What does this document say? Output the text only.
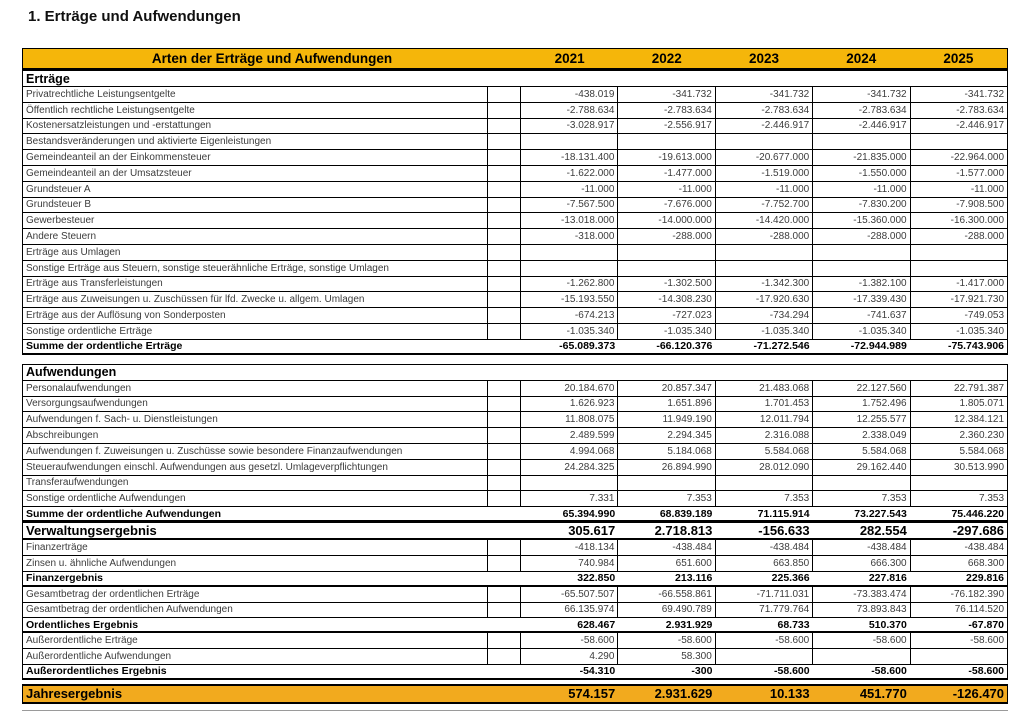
1. Erträge und Aufwendungen
Arten der Erträge und Aufwendungen	2021	2022	2023	2024	2025
Erträge
Privatrechtliche Leistungsentgelte	-438.019	-341.732	-341.732	-341.732	-341.732
Öffentlich rechtliche Leistungsentgelte	-2.788.634	-2.783.634	-2.783.634	-2.783.634	-2.783.634
Kostenersatzleistungen und -erstattungen	-3.028.917	-2.556.917	-2.446.917	-2.446.917	-2.446.917
Bestandsveränderungen und aktivierte Eigenleistungen
Gemeindeanteil an der Einkommensteuer	-18.131.400	-19.613.000	-20.677.000	-21.835.000	-22.964.000
Gemeindeanteil an der Umsatzsteuer	-1.622.000	-1.477.000	-1.519.000	-1.550.000	-1.577.000
Grundsteuer A	-11.000	-11.000	-11.000	-11.000	-11.000
Grundsteuer B	-7.567.500	-7.676.000	-7.752.700	-7.830.200	-7.908.500
Gewerbesteuer	-13.018.000	-14.000.000	-14.420.000	-15.360.000	-16.300.000
Andere Steuern	-318.000	-288.000	-288.000	-288.000	-288.000
Erträge aus Umlagen
Sonstige Erträge aus Steuern, sonstige steuerähnliche Erträge, sonstige Umlagen
Erträge aus Transferleistungen	-1.262.800	-1.302.500	-1.342.300	-1.382.100	-1.417.000
Erträge aus Zuweisungen u. Zuschüssen für lfd. Zwecke u. allgem. Umlagen	-15.193.550	-14.308.230	-17.920.630	-17.339.430	-17.921.730
Erträge aus der Auflösung von Sonderposten	-674.213	-727.023	-734.294	-741.637	-749.053
Sonstige ordentliche Erträge	-1.035.340	-1.035.340	-1.035.340	-1.035.340	-1.035.340
Summe der ordentliche Erträge	-65.089.373	-66.120.376	-71.272.546	-72.944.989	-75.743.906
Aufwendungen
Personalaufwendungen	20.184.670	20.857.347	21.483.068	22.127.560	22.791.387
Versorgungsaufwendungen	1.626.923	1.651.896	1.701.453	1.752.496	1.805.071
Aufwendungen f. Sach- u. Dienstleistungen	11.808.075	11.949.190	12.011.794	12.255.577	12.384.121
Abschreibungen	2.489.599	2.294.345	2.316.088	2.338.049	2.360.230
Aufwendungen f. Zuweisungen u. Zuschüsse sowie besondere Finanzaufwendungen	4.994.068	5.184.068	5.584.068	5.584.068	5.584.068
Steueraufwendungen einschl. Aufwendungen aus gesetzl. Umlageverpflichtungen	24.284.325	26.894.990	28.012.090	29.162.440	30.513.990
Transferaufwendungen
Sonstige ordentliche Aufwendungen	7.331	7.353	7.353	7.353	7.353
Summe der ordentliche Aufwendungen	65.394.990	68.839.189	71.115.914	73.227.543	75.446.220
Verwaltungsergebnis	305.617	2.718.813	-156.633	282.554	-297.686
Finanzerträge	-418.134	-438.484	-438.484	-438.484	-438.484
Zinsen u. ähnliche Aufwendungen	740.984	651.600	663.850	666.300	668.300
Finanzergebnis	322.850	213.116	225.366	227.816	229.816
Gesamtbetrag der ordentlichen Erträge	-65.507.507	-66.558.861	-71.711.031	-73.383.474	-76.182.390
Gesamtbetrag der ordentlichen Aufwendungen	66.135.974	69.490.789	71.779.764	73.893.843	76.114.520
Ordentliches Ergebnis	628.467	2.931.929	68.733	510.370	-67.870
Außerordentliche Erträge	-58.600	-58.600	-58.600	-58.600	-58.600
Außerordentliche Aufwendungen	4.290	58.300
Außerordentliches Ergebnis	-54.310	-300	-58.600	-58.600	-58.600
Jahresergebnis	574.157	2.931.629	10.133	451.770	-126.470
